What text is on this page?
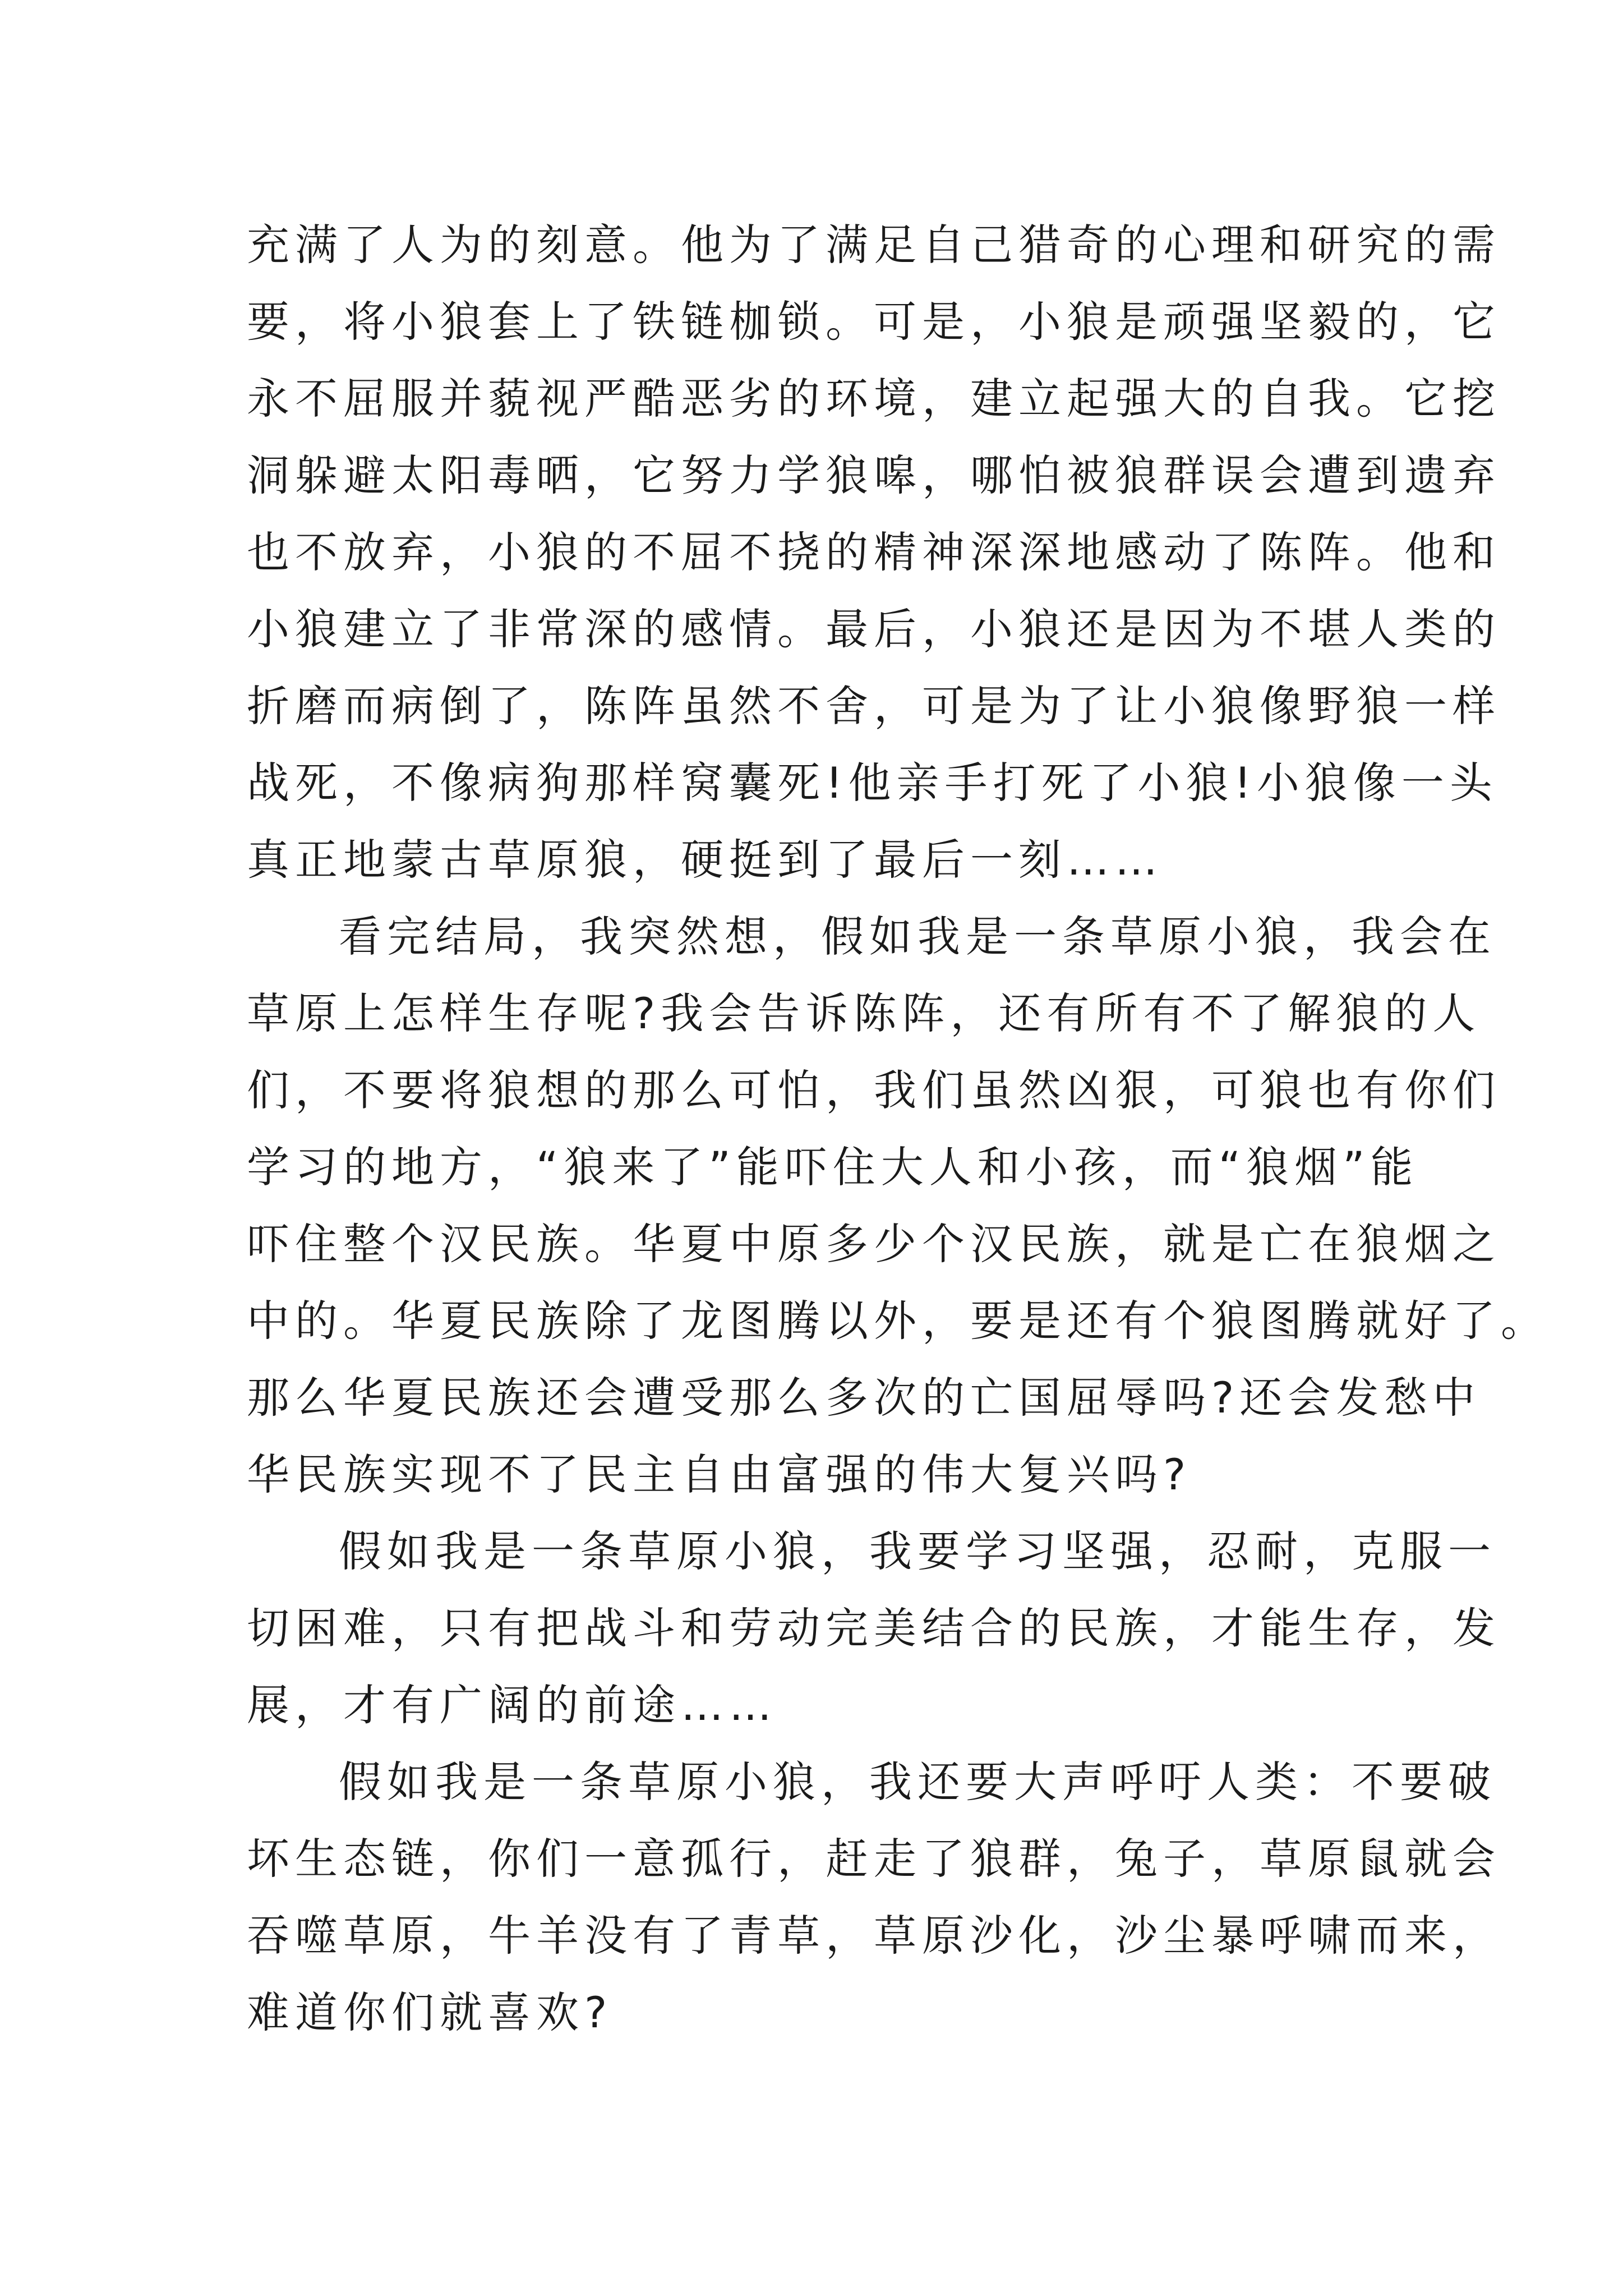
充满了人为的刻意。他为了满足自己猎奇的心理和研究的需
要，将小狼套上了铁链枷锁。可是，小狼是顽强坚毅的，它
永不屈服并藐视严酷恶劣的环境，建立起强大的自我。它挖
洞躲避太阳毒晒，它努力学狼嗥，哪怕被狼群误会遭到遗弃
也不放弃，小狼的不屈不挠的精神深深地感动了陈阵。他和
小狼建立了非常深的感情。最后，小狼还是因为不堪人类的
折磨而病倒了，陈阵虽然不舍，可是为了让小狼像野狼一样
战死，不像病狗那样窝囊死!他亲手打死了小狼!小狼像一头
真正地蒙古草原狼，硬挺到了最后一刻……
看完结局，我突然想，假如我是一条草原小狼，我会在
草原上怎样生存呢?我会告诉陈阵，还有所有不了解狼的人
们，不要将狼想的那么可怕，我们虽然凶狠，可狼也有你们
学习的地方，“狼来了”能吓住大人和小孩，而“狼烟”能
吓住整个汉民族。华夏中原多少个汉民族，就是亡在狼烟之
中的。华夏民族除了龙图腾以外，要是还有个狼图腾就好了。
那么华夏民族还会遭受那么多次的亡国屈辱吗?还会发愁中
华民族实现不了民主自由富强的伟大复兴吗?
假如我是一条草原小狼，我要学习坚强，忍耐，克服一
切困难，只有把战斗和劳动完美结合的民族，才能生存，发
展，才有广阔的前途……
假如我是一条草原小狼，我还要大声呼吁人类：不要破
坏生态链，你们一意孤行，赶走了狼群，兔子，草原鼠就会
吞噬草原，牛羊没有了青草，草原沙化，沙尘暴呼啸而来，
难道你们就喜欢?
